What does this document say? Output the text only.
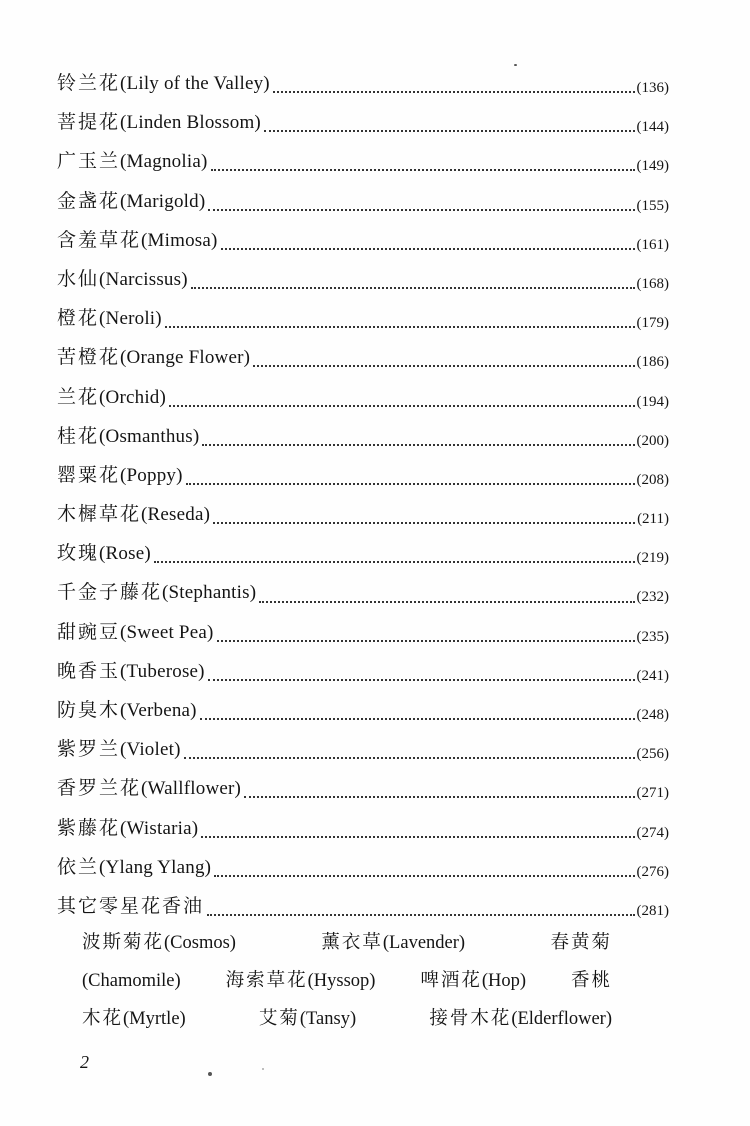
铃兰花(Lily of the Valley)	(136)
菩提花(Linden Blossom)	(144)
广玉兰(Magnolia)	(149)
金盏花(Marigold)	(155)
含羞草花(Mimosa)	(161)
水仙(Narcissus)	(168)
橙花(Neroli)	(179)
苦橙花(Orange Flower)	(186)
兰花(Orchid)	(194)
桂花(Osmanthus)	(200)
罂粟花(Poppy)	(208)
木樨草花(Reseda)	(211)
玫瑰(Rose)	(219)
千金子藤花(Stephantis)	(232)
甜豌豆(Sweet Pea)	(235)
晚香玉(Tuberose)	(241)
防臭木(Verbena)	(248)
紫罗兰(Violet)	(256)
香罗兰花(Wallflower)	(271)
紫藤花(Wistaria)	(274)
依兰(Ylang Ylang)	(276)
其它零星花香油	(281)
波斯菊花(Cosmos)	薰衣草(Lavender)	春黄菊
(Chamomile) 海索草花(Hyssop) 啤酒花(Hop) 香桃
木花(Myrtle)	艾菊(Tansy)	接骨木花(Elderflower)
2
